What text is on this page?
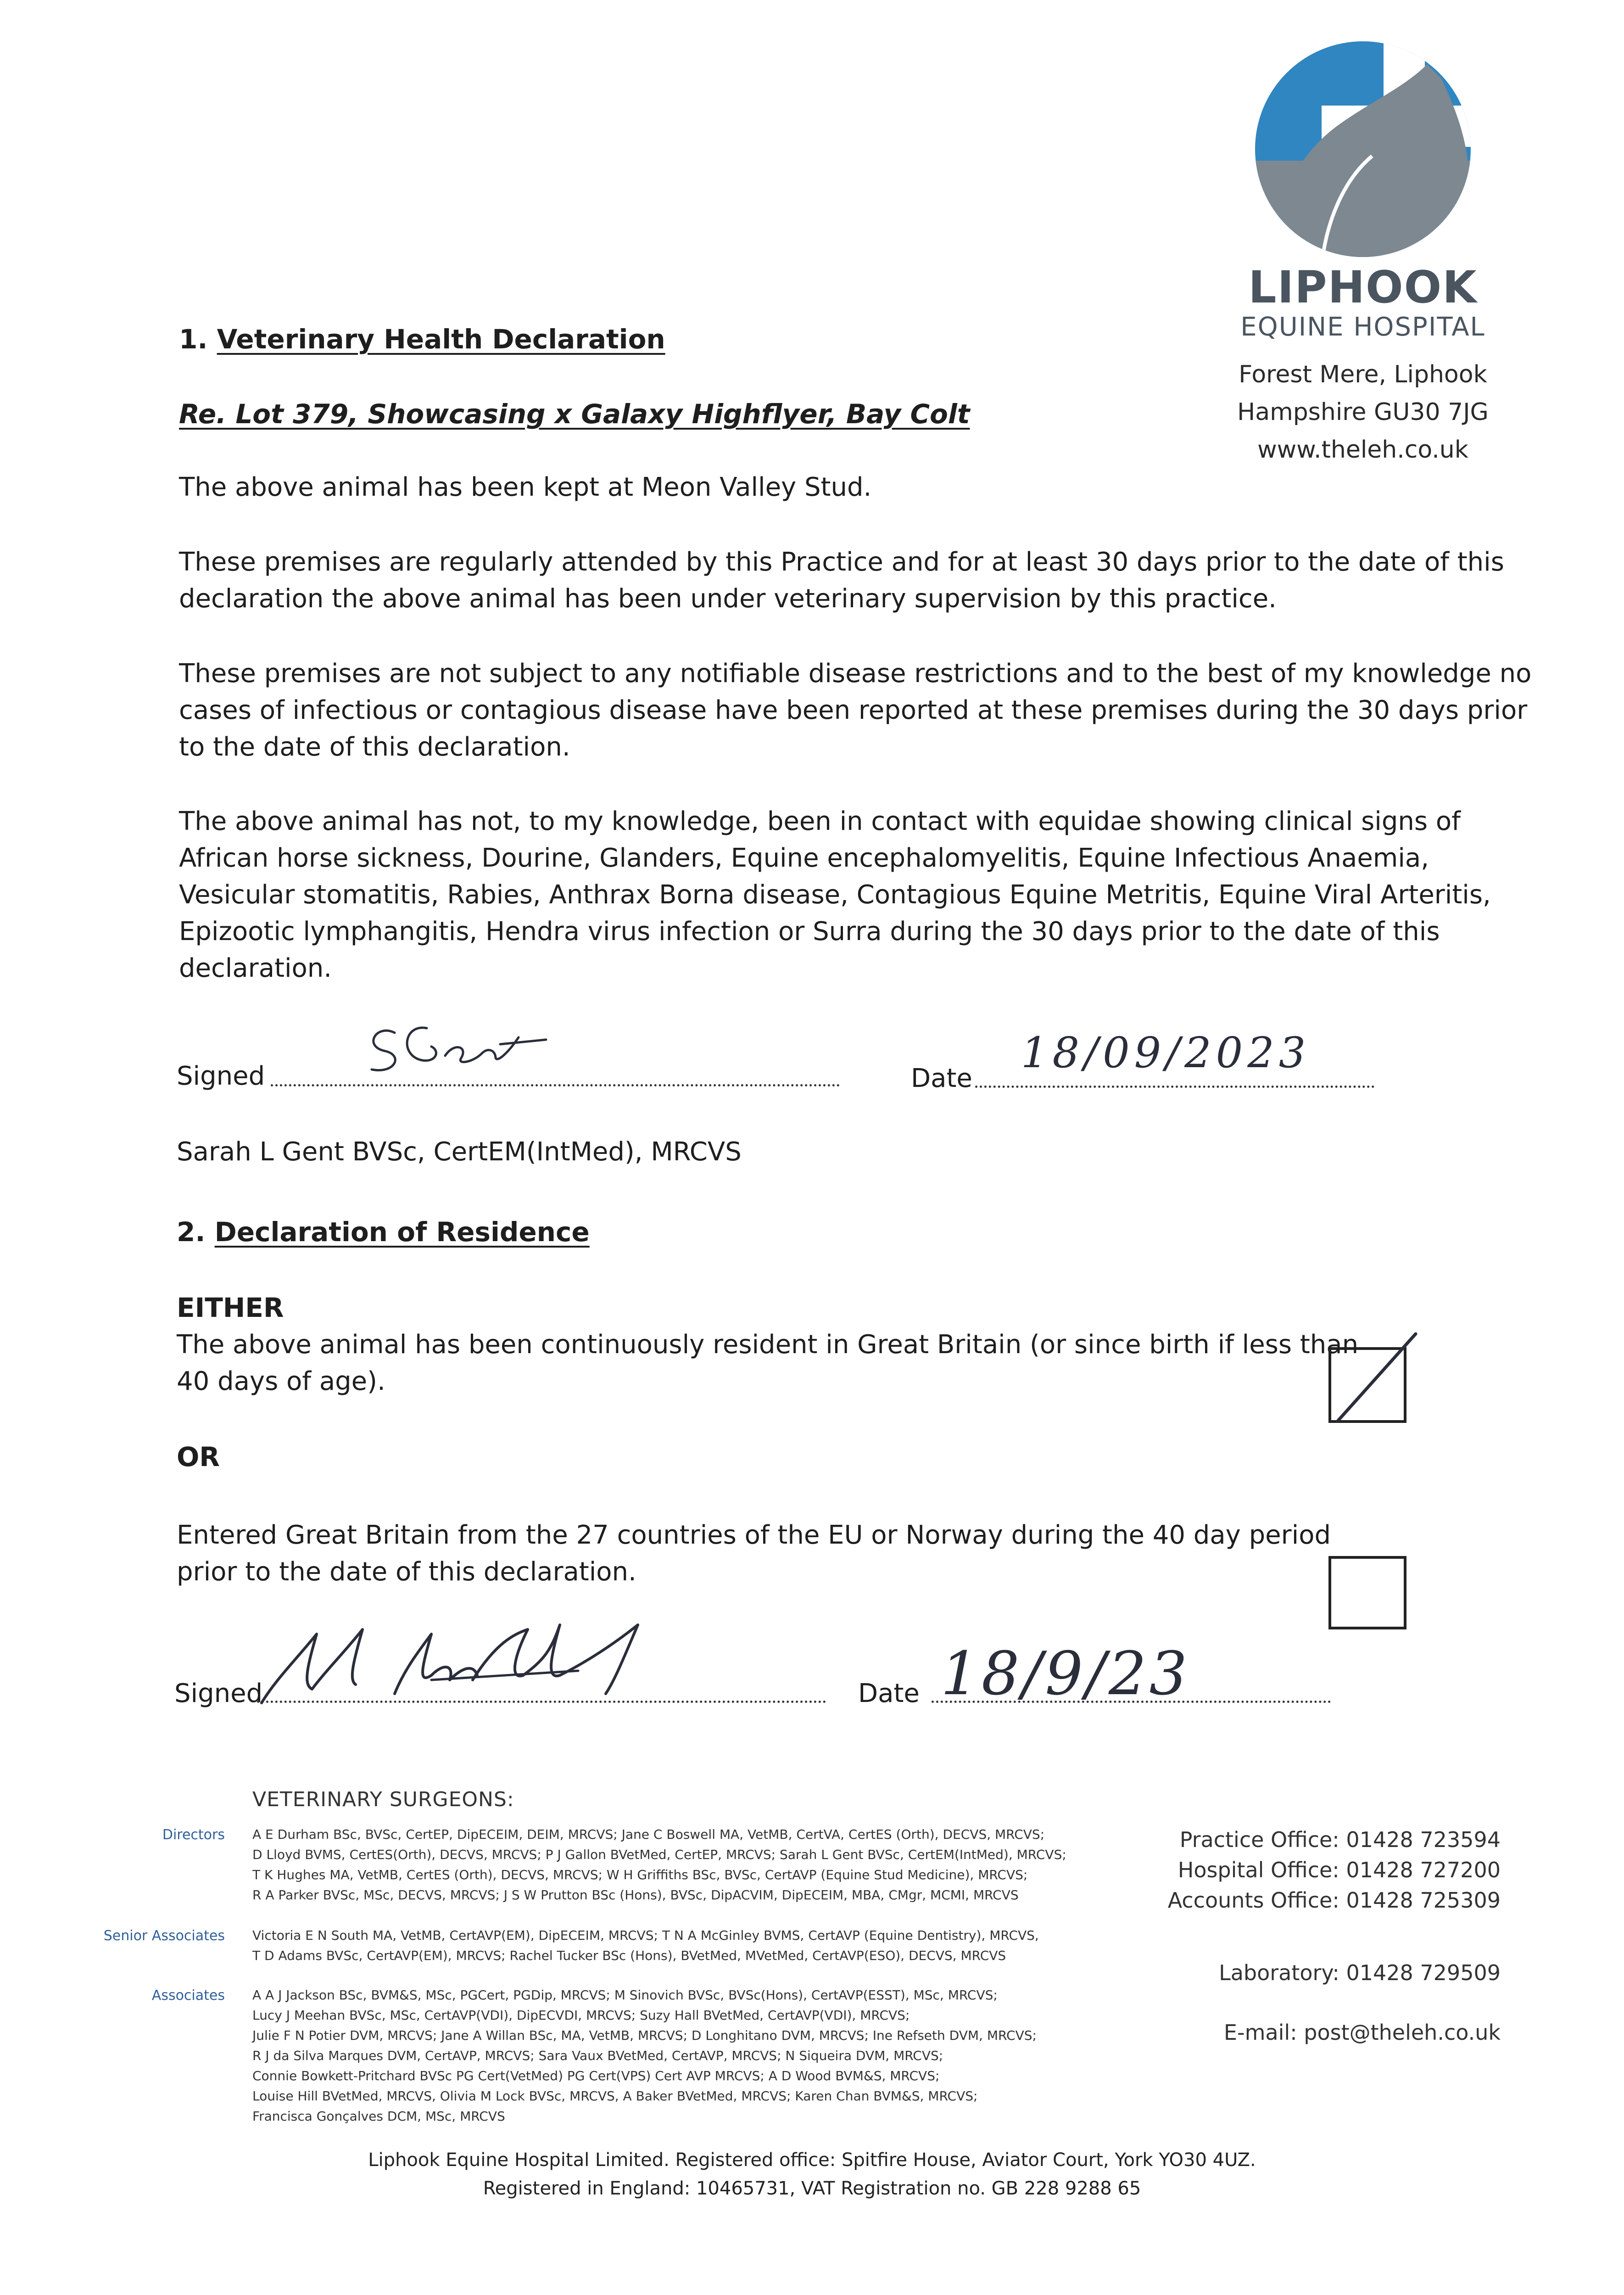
LIPHOOK
EQUINE HOSPITAL
Forest Mere, Liphook
Hampshire GU30 7JG
www.theleh.co.uk
1. Veterinary Health Declaration
Re. Lot 379, Showcasing x Galaxy Highflyer, Bay Colt
The above animal has been kept at Meon Valley Stud.
These premises are regularly attended by this Practice and for at least 30 days prior to the date of this
declaration the above animal has been under veterinary supervision by this practice.
These premises are not subject to any notifiable disease restrictions and to the best of my knowledge no
cases of infectious or contagious disease have been reported at these premises during the 30 days prior
to the date of this declaration.
The above animal has not, to my knowledge, been in contact with equidae showing clinical signs of
African horse sickness, Dourine, Glanders, Equine encephalomyelitis, Equine Infectious Anaemia,
Vesicular stomatitis, Rabies, Anthrax Borna disease, Contagious Equine Metritis, Equine Viral Arteritis,
Epizootic lymphangitis, Hendra virus infection or Surra during the 30 days prior to the date of this
declaration.
Signed	Date
18/09/2023
Sarah L Gent BVSc, CertEM(IntMed), MRCVS
2. Declaration of Residence
EITHER
The above animal has been continuously resident in Great Britain (or since birth if less than
40 days of age).
OR
Entered Great Britain from the 27 countries of the EU or Norway during the 40 day period
prior to the date of this declaration.
Signed	Date 18/9/23
VETERINARY SURGEONS:
Directors A E Durham BSc, BVSc, CertEP, DipECEIM, DEIM, MRCVS; Jane C Boswell MA, VetMB, CertVA, CertES (Orth), DECVS, MRCVS;
D Lloyd BVMS, CertES(Orth), DECVS, MRCVS; P J Gallon BVetMed, CertEP, MRCVS; Sarah L Gent BVSc, CertEM(IntMed), MRCVS;
T K Hughes MA, VetMB, CertES (Orth), DECVS, MRCVS; W H Griffiths BSc, BVSc, CertAVP (Equine Stud Medicine), MRCVS;
R A Parker BVSc, MSc, DECVS, MRCVS; J S W Prutton BSc (Hons), BVSc, DipACVIM, DipECEIM, MBA, CMgr, MCMI, MRCVS
Senior Associates Victoria E N South MA, VetMB, CertAVP(EM), DipECEIM, MRCVS; T N A McGinley BVMS, CertAVP (Equine Dentistry), MRCVS,
T D Adams BVSc, CertAVP(EM), MRCVS; Rachel Tucker BSc (Hons), BVetMed, MVetMed, CertAVP(ESO), DECVS, MRCVS
Associates A A J Jackson BSc, BVM&S, MSc, PGCert, PGDip, MRCVS; M Sinovich BVSc, BVSc(Hons), CertAVP(ESST), MSc, MRCVS;
Lucy J Meehan BVSc, MSc, CertAVP(VDI), DipECVDI, MRCVS; Suzy Hall BVetMed, CertAVP(VDI), MRCVS;
Julie F N Potier DVM, MRCVS; Jane A Willan BSc, MA, VetMB, MRCVS; D Longhitano DVM, MRCVS; Ine Refseth DVM, MRCVS;
R J da Silva Marques DVM, CertAVP, MRCVS; Sara Vaux BVetMed, CertAVP, MRCVS; N Siqueira DVM, MRCVS;
Connie Bowkett-Pritchard BVSc PG Cert(VetMed) PG Cert(VPS) Cert AVP MRCVS; A D Wood BVM&S, MRCVS;
Louise Hill BVetMed, MRCVS, Olivia M Lock BVSc, MRCVS, A Baker BVetMed, MRCVS; Karen Chan BVM&S, MRCVS;
Francisca Gonçalves DCM, MSc, MRCVS
Practice Office: 01428 723594
Hospital Office: 01428 727200
Accounts Office: 01428 725309
Laboratory: 01428 729509
E-mail: post@theleh.co.uk
Liphook Equine Hospital Limited. Registered office: Spitfire House, Aviator Court, York YO30 4UZ.
Registered in England: 10465731, VAT Registration no. GB 228 9288 65
